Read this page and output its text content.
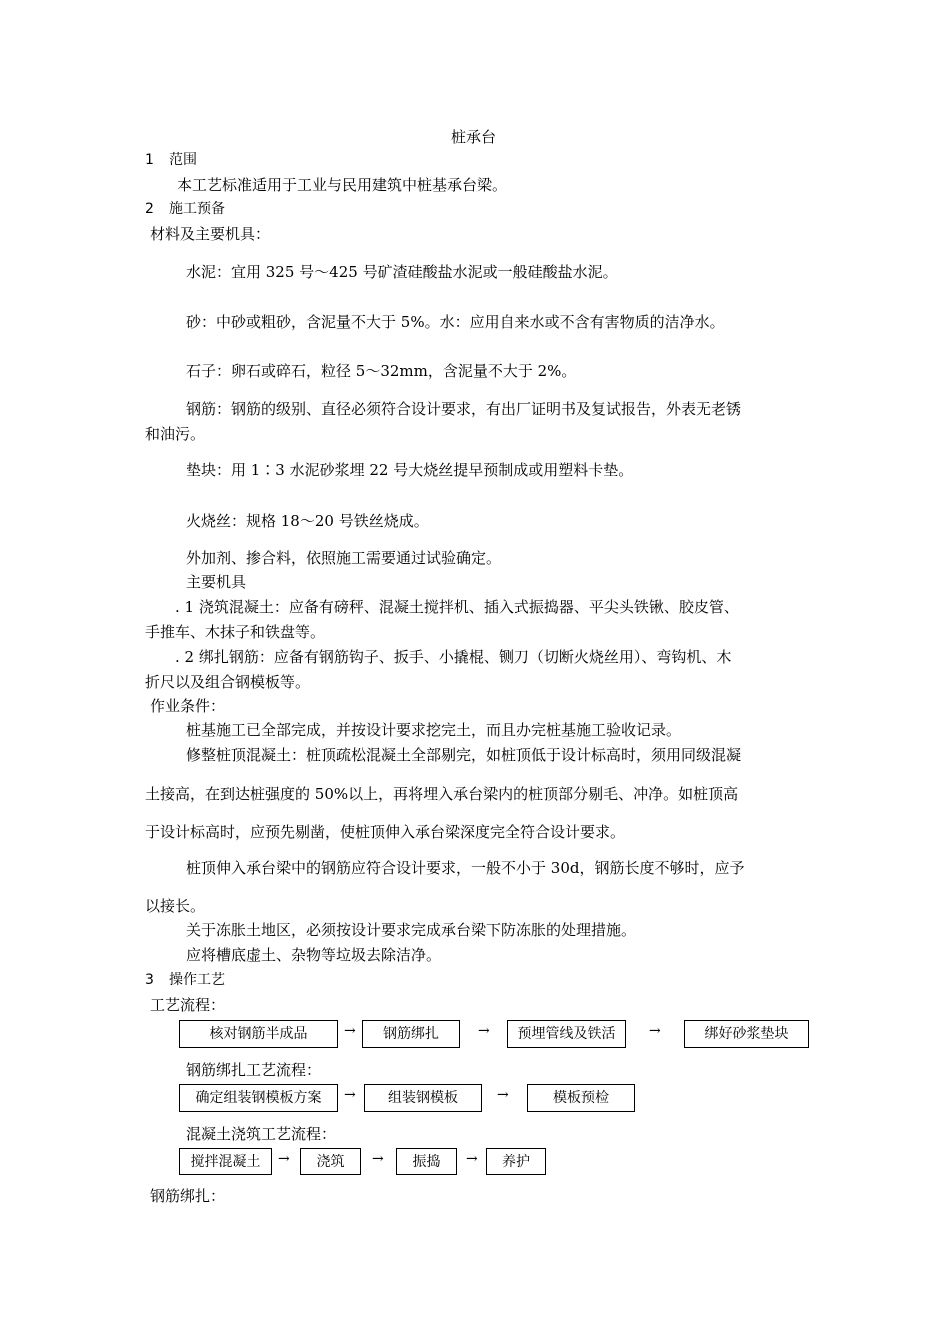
桩承台
1 范围
本工艺标准适用于工业与民用建筑中桩基承台梁。
2 施工预备
材料及主要机具：
水泥：宜用 325 号～425 号矿渣硅酸盐水泥或一般硅酸盐水泥。
砂：中砂或粗砂，含泥量不大于 5%。水：应用自来水或不含有害物质的洁净水。
石子：卵石或碎石，粒径 5～32mm，含泥量不大于 2%。
钢筋：钢筋的级别、直径必须符合设计要求，有出厂证明书及复试报告，外表无老锈
和油污。
垫块：用 1∶3 水泥砂浆埋 22 号大烧丝提早预制成或用塑料卡垫。
火烧丝：规格 18～20 号铁丝烧成。
外加剂、掺合料，依照施工需要通过试验确定。
主要机具
. 1 浇筑混凝土：应备有磅秤、混凝土搅拌机、插入式振捣器、平尖头铁锹、胶皮管、
手推车、木抹子和铁盘等。
. 2 绑扎钢筋：应备有钢筋钩子、扳手、小撬棍、铡刀（切断火烧丝用）、弯钩机、木
折尺以及组合钢模板等。
作业条件：
桩基施工已全部完成，并按设计要求挖完土，而且办完桩基施工验收记录。
修整桩顶混凝土：桩顶疏松混凝土全部剔完，如桩顶低于设计标高时，须用同级混凝
土接高，在到达桩强度的 50%以上，再将埋入承台梁内的桩顶部分剔毛、冲净。如桩顶高
于设计标高时，应预先剔凿，使桩顶伸入承台梁深度完全符合设计要求。
桩顶伸入承台梁中的钢筋应符合设计要求，一般不小于 30d，钢筋长度不够时，应予
以接长。
关于冻胀土地区，必须按设计要求完成承台梁下防冻胀的处理措施。
应将槽底虚土、杂物等垃圾去除洁净。
3 操作工艺
工艺流程：
核对钢筋半成品	→	钢筋绑扎	→	预埋管线及铁活	→	绑好砂浆垫块
钢筋绑扎工艺流程：
确定组装钢模板方案	→	组装钢模板	→	模板预检
混凝土浇筑工艺流程：
搅拌混凝土	→	浇筑	→	振捣	→	养护
钢筋绑扎：
